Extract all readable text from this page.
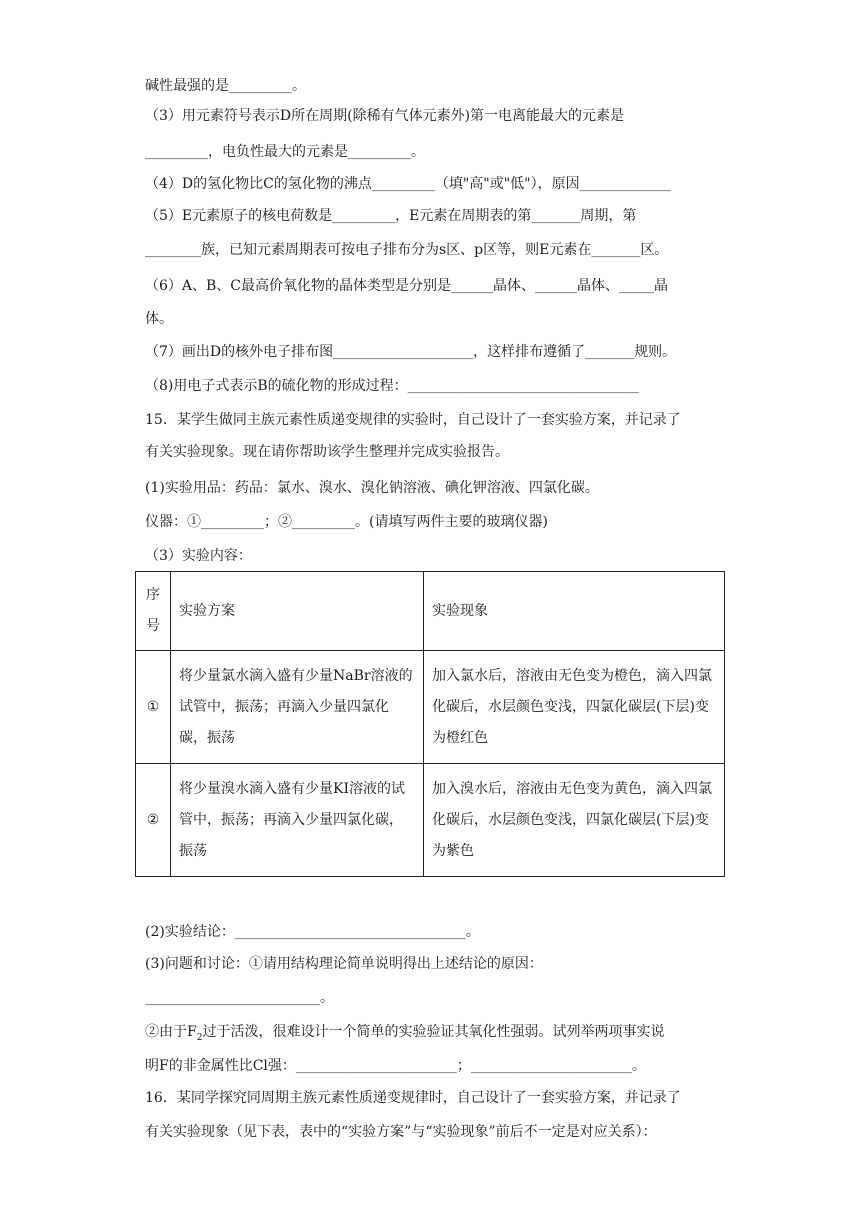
碱性最强的是_________。
（3）用元素符号表示D所在周期(除稀有气体元素外)第一电离能最大的元素是
_________，电负性最大的元素是_________。
（4）D的氢化物比C的氢化物的沸点_________（填"高"或"低"），原因_____________
（5）E元素原子的核电荷数是_________，E元素在周期表的第_______周期，第
________族，已知元素周期表可按电子排布分为s区、p区等，则E元素在_______区。
（6）A、B、C最高价氧化物的晶体类型是分别是______晶体、______晶体、_____晶
体。
（7）画出D的核外电子排布图____________________，这样排布遵循了_______规则。
（8)用电子式表示B的硫化物的形成过程：_________________________________
15．某学生做同主族元素性质递变规律的实验时，自己设计了一套实验方案，并记录了
有关实验现象。现在请你帮助该学生整理并完成实验报告。
(1)实验用品：药品：氯水、溴水、溴化钠溶液、碘化钾溶液、四氯化碳。
仪器：①_________；②_________。(请填写两件主要的玻璃仪器)
（3）实验内容：
序号	实验方案	实验现象
①	将少量氯水滴入盛有少量NaBr溶液的试管中，振荡；再滴入少量四氯化碳，振荡	加入氯水后，溶液由无色变为橙色，滴入四氯化碳后，水层颜色变浅，四氯化碳层(下层)变为橙红色
②	将少量溴水滴入盛有少量KI溶液的试管中，振荡；再滴入少量四氯化碳，振荡	加入溴水后，溶液由无色变为黄色，滴入四氯化碳后，水层颜色变浅，四氯化碳层(下层)变为紫色
(2)实验结论：_________________________________。
(3)问题和讨论：①请用结构理论简单说明得出上述结论的原因：
_________________________。
②由于$F_2$过于活泼，很难设计一个简单的实验验证其氧化性强弱。试列举两项事实说
明F的非金属性比Cl强：_______________________；_______________________。
16．某同学探究同周期主族元素性质递变规律时，自己设计了一套实验方案，并记录了
有关实验现象（见下表，表中的“实验方案”与“实验现象”前后不一定是对应关系）：
